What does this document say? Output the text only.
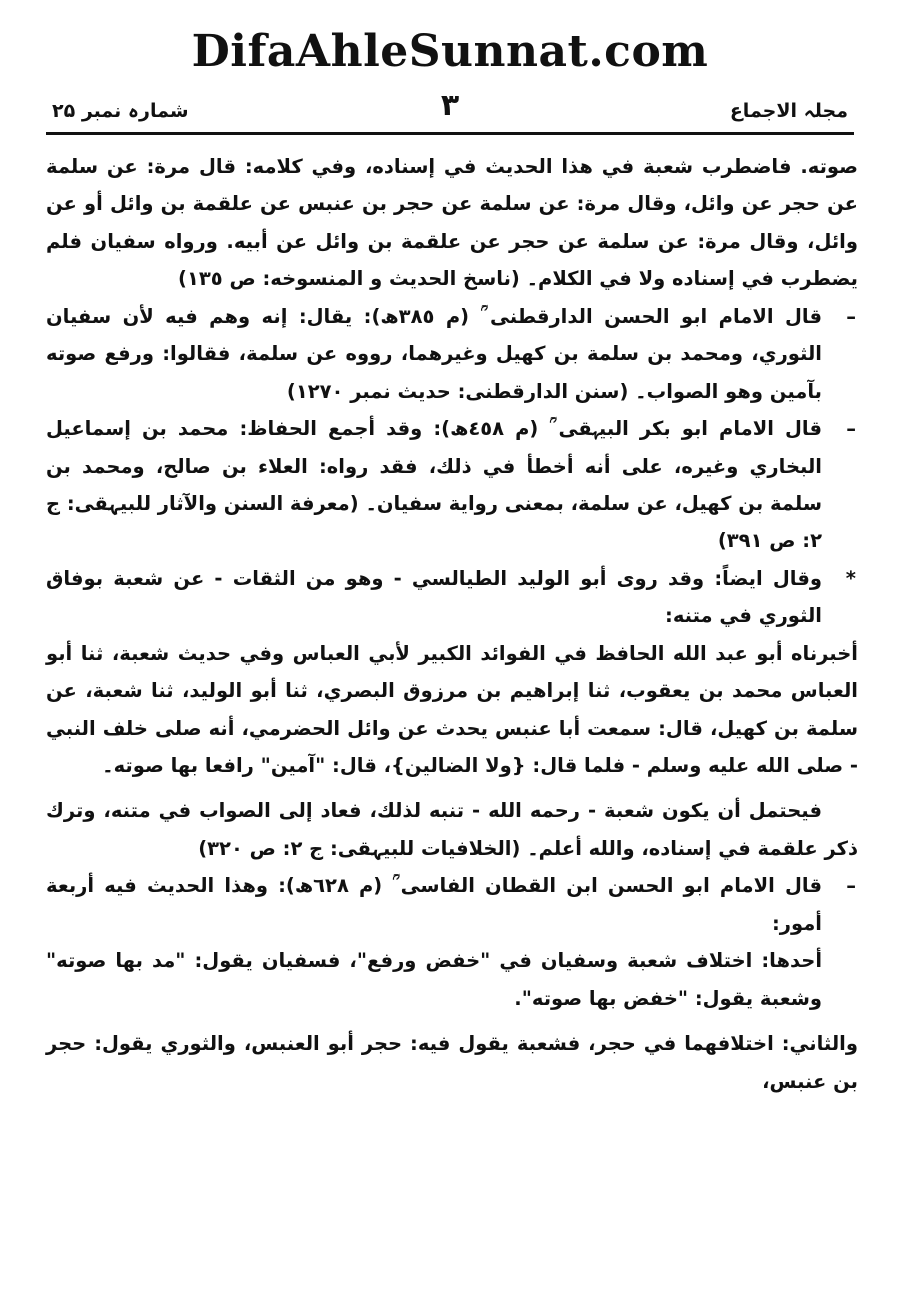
DifaAhleSunnat.com
مجلہ الاجماع
٣
شمارہ نمبر ۲۵

صوته. فاضطرب شعبة في هذا الحديث في إسناده، وفي كلامه: قال مرة: عن سلمة عن حجر عن وائل، وقال مرة: عن سلمة عن حجر بن عنبس عن علقمة بن وائل أو عن وائل، وقال مرة: عن سلمة عن حجر عن علقمة بن وائل عن أبيه. ورواه سفيان فلم يضطرب في إسناده ولا في الكلام۔ (ناسخ الحديث و المنسوخه: ص ١٣٥)

–
قال الامام ابو الحسن الدارقطنی ؒ (م ٣٨٥ھ): يقال: إنه وهم فيه لأن سفيان الثوري، ومحمد بن سلمة بن كهيل وغيرهما، رووه عن سلمة، فقالوا: ورفع صوته بآمين وهو الصواب۔ (سنن الدارقطنی: حدیث نمبر ١٢٧٠)

–
قال الامام ابو بکر البیہقی ؒ (م ٤٥٨ھ): وقد أجمع الحفاظ: محمد بن إسماعيل البخاري وغيره، على أنه أخطأ في ذلك، فقد رواه: العلاء بن صالح، ومحمد بن سلمة بن كهيل، عن سلمة، بمعنى رواية سفيان۔ (معرفة السنن والآثار للبیہقی: ج ٢: ص ٣٩١)

*
وقال ایضاً: وقد روى أبو الوليد الطيالسي - وهو من الثقات - عن شعبة بوفاق الثوري في متنه:

أخبرناه أبو عبد الله الحافظ في الفوائد الكبير لأبي العباس وفي حديث شعبة، ثنا أبو العباس محمد بن يعقوب، ثنا إبراهيم بن مرزوق البصري، ثنا أبو الوليد، ثنا شعبة، عن سلمة بن كهيل، قال: سمعت أبا عنبس يحدث عن وائل الحضرمي، أنه صلى خلف النبي - صلى الله عليه وسلم - فلما قال: {ولا الضالين}، قال: "آمين" رافعا بها صوته۔

فيحتمل أن يكون شعبة - رحمه الله - تنبه لذلك، فعاد إلى الصواب في متنه، وترك ذكر علقمة في إسناده، والله أعلم۔ (الخلافيات للبیہقی: ج ٢: ص ٣٢٠)

–
قال الامام ابو الحسن ابن القطان الفاسی ؒ (م ٦٢٨ھ): وهذا الحديث فيه أربعة أمور:

أحدها: اختلاف شعبة وسفيان في "خفض ورفع"، فسفيان يقول: "مد بها صوته" وشعبة يقول: "خفض بها صوته".

والثاني: اختلافهما في حجر، فشعبة يقول فيه: حجر أبو العنبس، والثوري يقول: حجر بن عنبس،
